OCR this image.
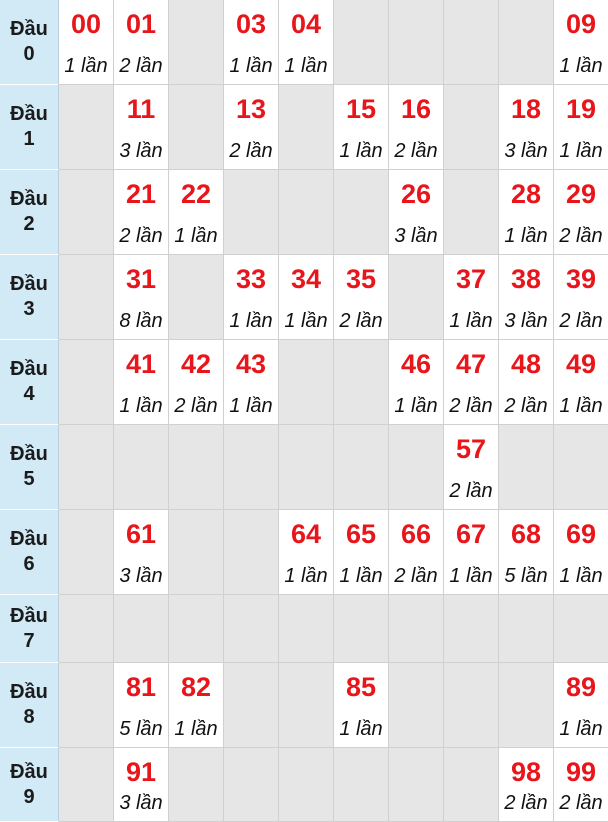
Đầu
0
00
1 lần
01
2 lần
03
1 lần
04
1 lần
09
1 lần
Đầu
1
11
3 lần
13
2 lần
15
1 lần
16
2 lần
18
3 lần
19
1 lần
Đầu
2
21
2 lần
22
1 lần
26
3 lần
28
1 lần
29
2 lần
Đầu
3
31
8 lần
33
1 lần
34
1 lần
35
2 lần
37
1 lần
38
3 lần
39
2 lần
Đầu
4
41
1 lần
42
2 lần
43
1 lần
46
1 lần
47
2 lần
48
2 lần
49
1 lần
Đầu
5
57
2 lần
Đầu
6
61
3 lần
64
1 lần
65
1 lần
66
2 lần
67
1 lần
68
5 lần
69
1 lần
Đầu
7
Đầu
8
81
5 lần
82
1 lần
85
1 lần
89
1 lần
Đầu
9
91
3 lần
98
2 lần
99
2 lần
